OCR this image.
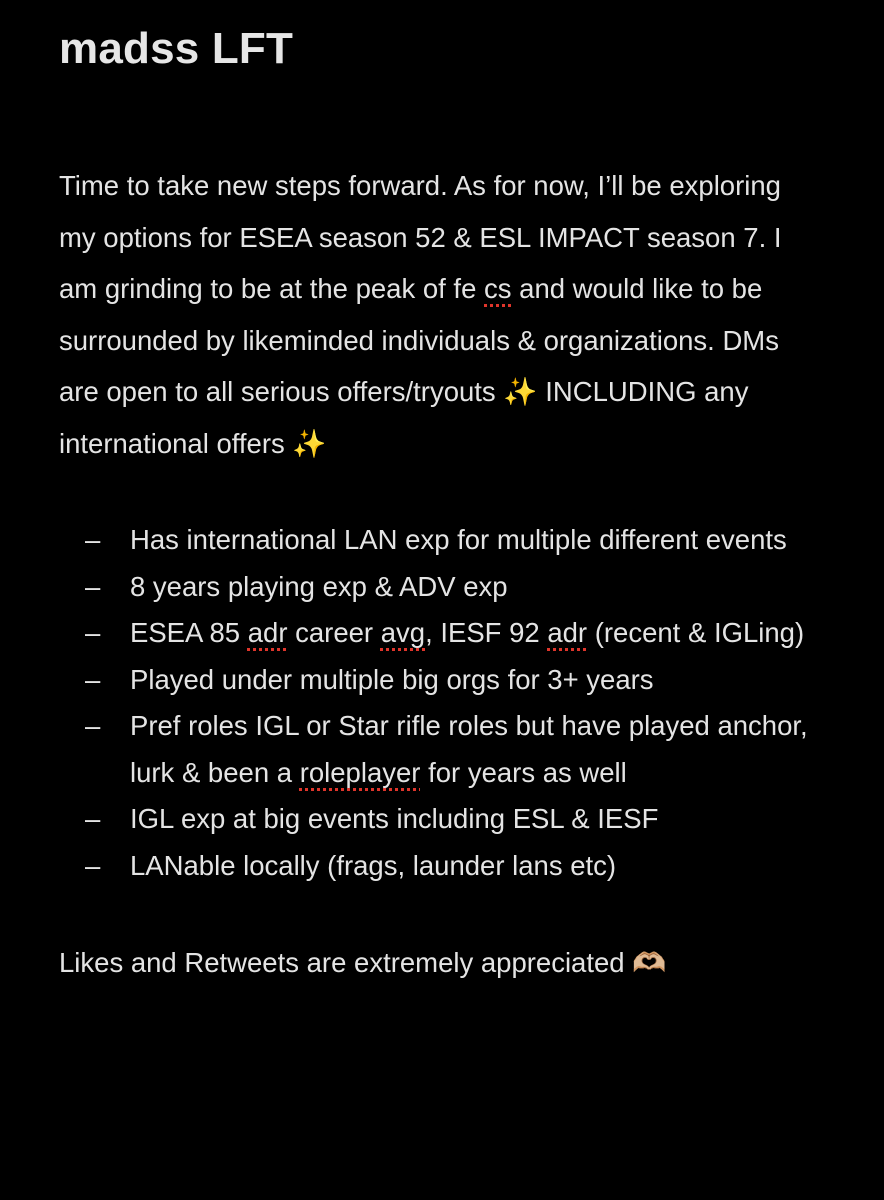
madss LFT
Time to take new steps forward. As for now, I’ll be exploring my options for ESEA season 52 & ESL IMPACT season 7. I am grinding to be at the peak of fe cs and would like to be surrounded by likeminded individuals & organizations. DMs are open to all serious offers/tryouts ✨ INCLUDING any international offers ✨
– Has international LAN exp for multiple different events
– 8 years playing exp & ADV exp
– ESEA 85 adr career avg, IESF 92 adr (recent & IGLing)
– Played under multiple big orgs for 3+ years
– Pref roles IGL or Star rifle roles but have played anchor, lurk & been a roleplayer for years as well
– IGL exp at big events including ESL & IESF
– LANable locally (frags, launder lans etc)
Likes and Retweets are extremely appreciated 🫶🏼
